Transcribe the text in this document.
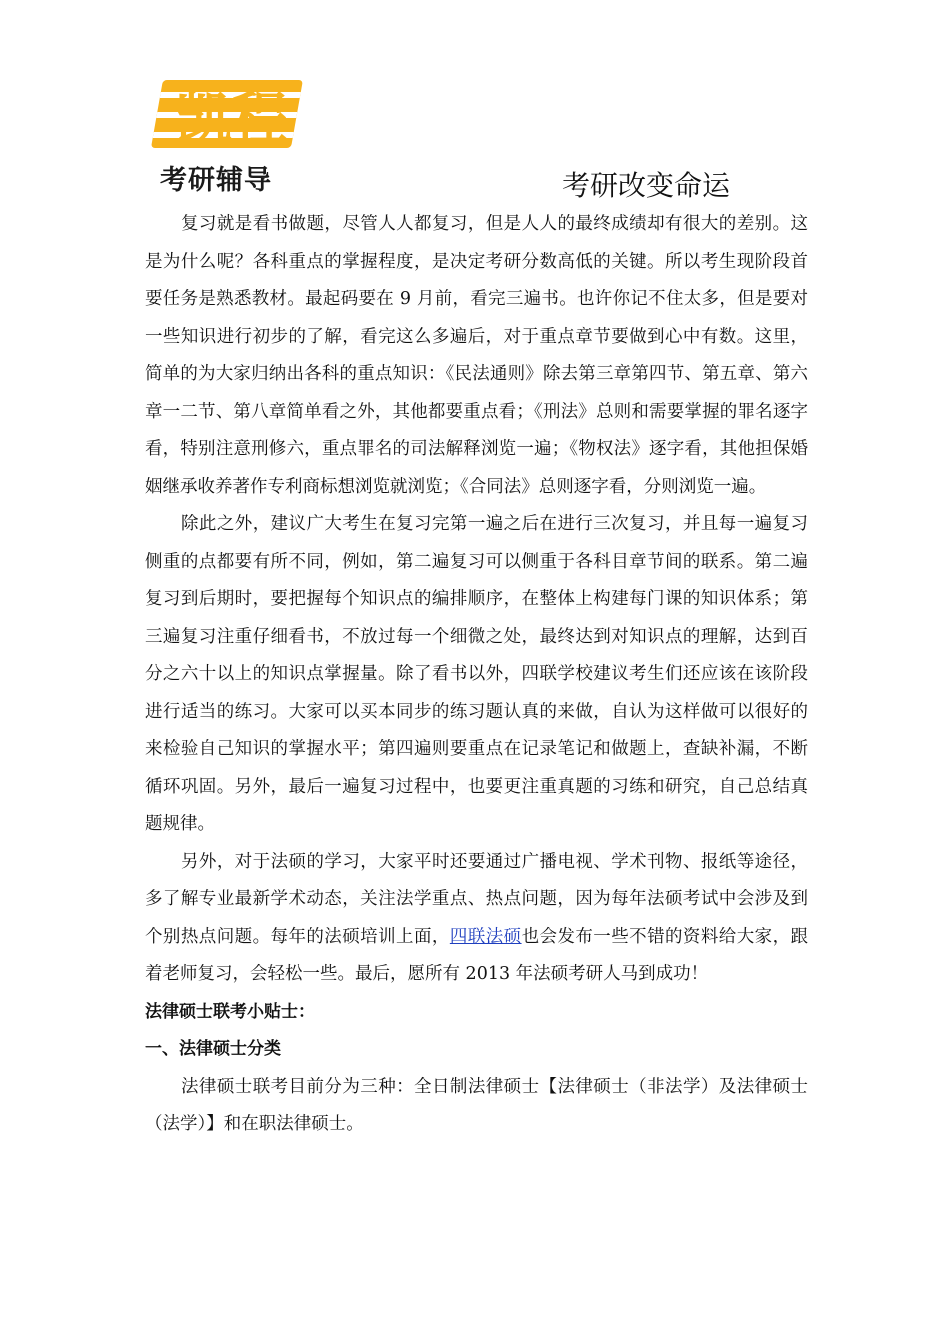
凯程
考研辅导	考研改变命运

复习就是看书做题，尽管人人都复习，但是人人的最终成绩却有很大的差别。这是为什么呢？各科重点的掌握程度，是决定考研分数高低的关键。所以考生现阶段首要任务是熟悉教材。最起码要在 9 月前，看完三遍书。也许你记不住太多，但是要对一些知识进行初步的了解，看完这么多遍后，对于重点章节要做到心中有数。这里，简单的为大家归纳出各科的重点知识：《民法通则》除去第三章第四节、第五章、第六章一二节、第八章简单看之外，其他都要重点看；《刑法》总则和需要掌握的罪名逐字看，特别注意刑修六，重点罪名的司法解释浏览一遍；《物权法》逐字看，其他担保婚姻继承收养著作专利商标想浏览就浏览；《合同法》总则逐字看，分则浏览一遍。

除此之外，建议广大考生在复习完第一遍之后在进行三次复习，并且每一遍复习侧重的点都要有所不同，例如，第二遍复习可以侧重于各科目章节间的联系。第二遍复习到后期时，要把握每个知识点的编排顺序，在整体上构建每门课的知识体系；第三遍复习注重仔细看书，不放过每一个细微之处，最终达到对知识点的理解，达到百分之六十以上的知识点掌握量。除了看书以外，四联学校建议考生们还应该在该阶段进行适当的练习。大家可以买本同步的练习题认真的来做，自认为这样做可以很好的来检验自己知识的掌握水平；第四遍则要重点在记录笔记和做题上，查缺补漏，不断循环巩固。另外，最后一遍复习过程中，也要更注重真题的习练和研究，自己总结真题规律。

另外，对于法硕的学习，大家平时还要通过广播电视、学术刊物、报纸等途径，多了解专业最新学术动态，关注法学重点、热点问题，因为每年法硕考试中会涉及到个别热点问题。每年的法硕培训上面，四联法硕也会发布一些不错的资料给大家，跟着老师复习，会轻松一些。最后，愿所有 2013 年法硕考研人马到成功！

法律硕士联考小贴士：

一、法律硕士分类

法律硕士联考目前分为三种：全日制法律硕士【法律硕士（非法学）及法律硕士（法学）】和在职法律硕士。
